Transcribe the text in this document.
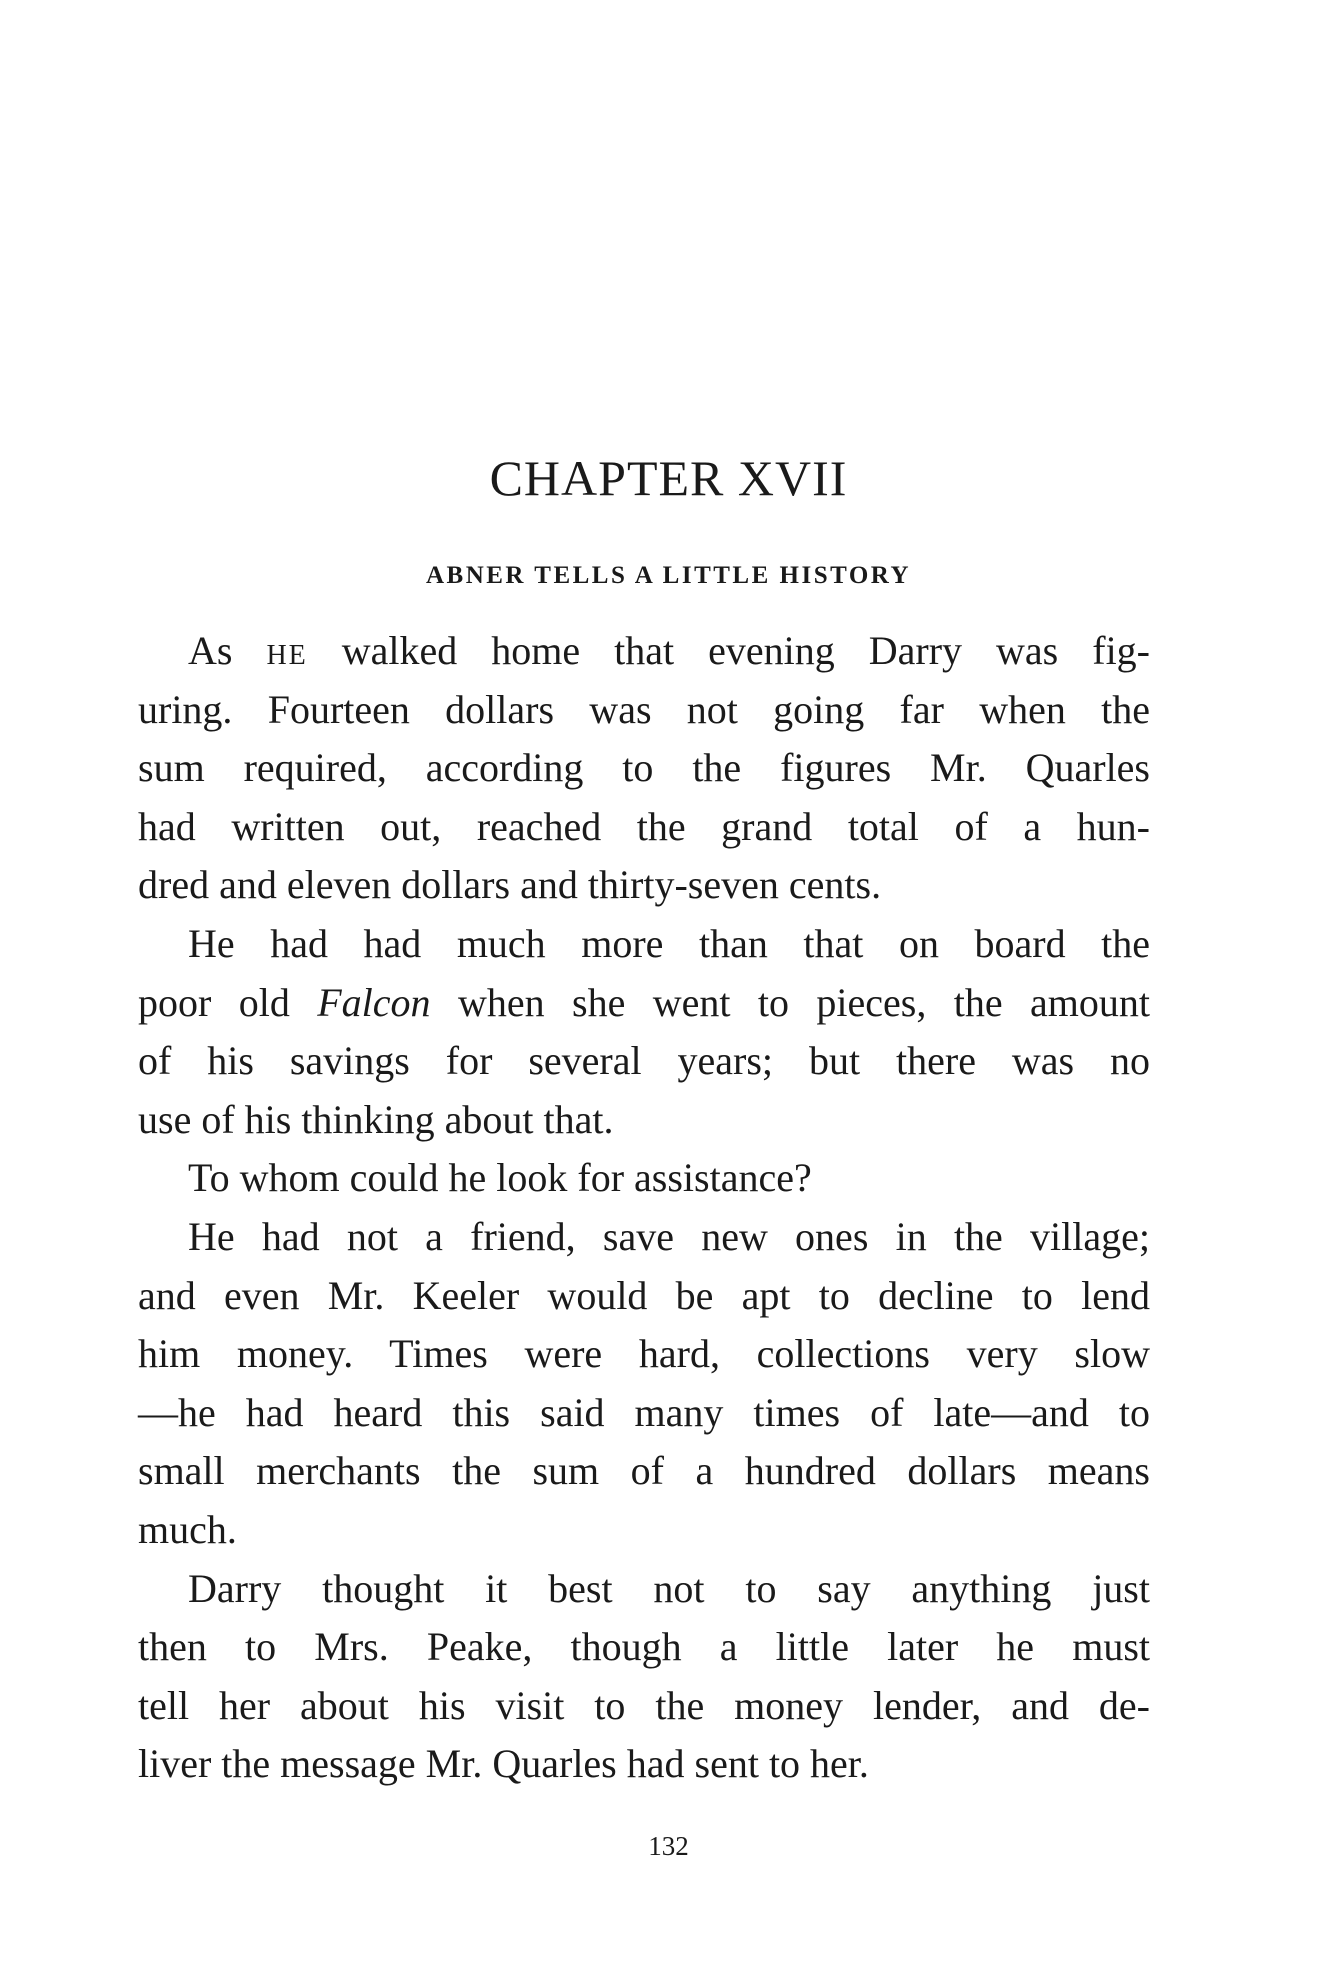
CHAPTER XVII
ABNER TELLS A LITTLE HISTORY
As HE walked home that evening Darry was fig-
uring. Fourteen dollars was not going far when the
sum required, according to the figures Mr. Quarles
had written out, reached the grand total of a hun-
dred and eleven dollars and thirty-seven cents.
He had had much more than that on board the
poor old Falcon when she went to pieces, the amount
of his savings for several years; but there was no
use of his thinking about that.
To whom could he look for assistance?
He had not a friend, save new ones in the village;
and even Mr. Keeler would be apt to decline to lend
him money. Times were hard, collections very slow
—he had heard this said many times of late—and to
small merchants the sum of a hundred dollars means
much.
Darry thought it best not to say anything just
then to Mrs. Peake, though a little later he must
tell her about his visit to the money lender, and de-
liver the message Mr. Quarles had sent to her.
132
